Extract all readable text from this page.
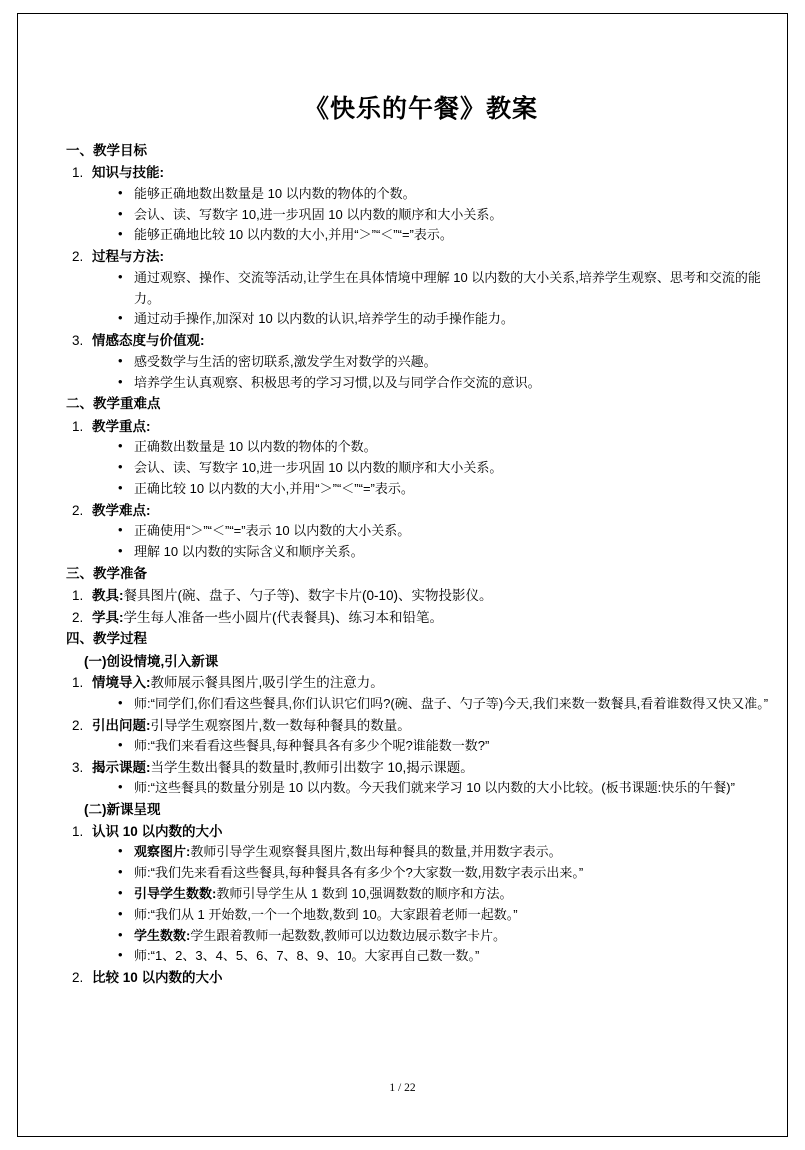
《快乐的午餐》教案
一、教学目标
1. 知识与技能:
• 能够正确地数出数量是 10 以内数的物体的个数。
• 会认、读、写数字 10,进一步巩固 10 以内数的顺序和大小关系。
• 能够正确地比较 10 以内数的大小,并用“＞”“＜”“=”表示。
2. 过程与方法:
• 通过观察、操作、交流等活动,让学生在具体情境中理解 10 以内数的大小关系,培养学生观察、思考和交流的能力。
• 通过动手操作,加深对 10 以内数的认识,培养学生的动手操作能力。
3. 情感态度与价值观:
• 感受数学与生活的密切联系,激发学生对数学的兴趣。
• 培养学生认真观察、积极思考的学习习惯,以及与同学合作交流的意识。
二、教学重难点
1. 教学重点:
• 正确数出数量是 10 以内数的物体的个数。
• 会认、读、写数字 10,进一步巩固 10 以内数的顺序和大小关系。
• 正确比较 10 以内数的大小,并用“＞”“＜”“=”表示。
2. 教学难点:
• 正确使用“＞”“＜”“=”表示 10 以内数的大小关系。
• 理解 10 以内数的实际含义和顺序关系。
三、教学准备
1. 教具:餐具图片(碗、盘子、勺子等)、数字卡片(0-10)、实物投影仪。
2. 学具:学生每人准备一些小圆片(代表餐具)、练习本和铅笔。
四、教学过程
(一)创设情境,引入新课
1. 情境导入:教师展示餐具图片,吸引学生的注意力。
• 师:“同学们,你们看这些餐具,你们认识它们吗?(碗、盘子、勺子等)今天,我们来数一数餐具,看着谁数得又快又准。”
2. 引出问题:引导学生观察图片,数一数每种餐具的数量。
• 师:“我们来看看这些餐具,每种餐具各有多少个呢?谁能数一数?”
3. 揭示课题:当学生数出餐具的数量时,教师引出数字 10,揭示课题。
• 师:“这些餐具的数量分别是 10 以内数。今天我们就来学习 10 以内数的大小比较。(板书课题:快乐的午餐)”
(二)新课呈现
1. 认识 10 以内数的大小
• 观察图片:教师引导学生观察餐具图片,数出每种餐具的数量,并用数字表示。
• 师:“我们先来看看这些餐具,每种餐具各有多少个?大家数一数,用数字表示出来。”
• 引导学生数数:教师引导学生从 1 数到 10,强调数数的顺序和方法。
• 师:“我们从 1 开始数,一个一个地数,数到 10。大家跟着老师一起数。”
• 学生数数:学生跟着教师一起数数,教师可以边数边展示数字卡片。
• 师:“1、2、3、4、5、6、7、8、9、10。大家再自己数一数。”
2. 比较 10 以内数的大小
1 / 22
